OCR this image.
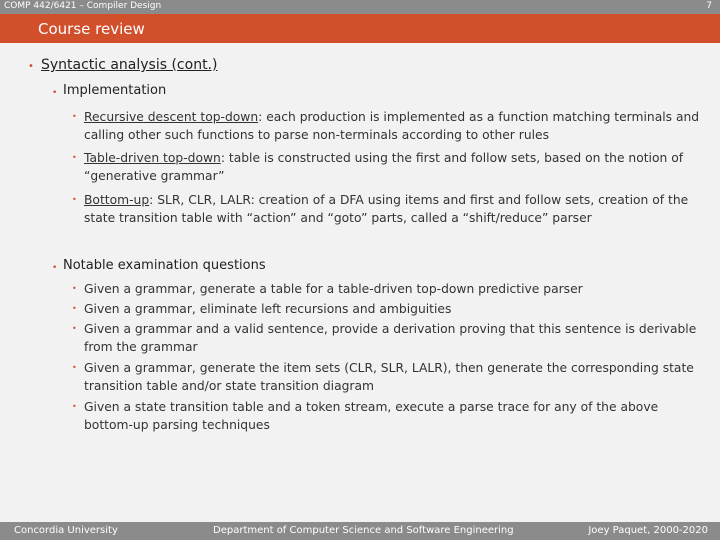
COMP 442/6421 – Compiler Design	7
Course review
• Syntactic analysis (cont.)
• Implementation
• Recursive descent top-down: each production is implemented as a function matching terminals and calling other such functions to parse non-terminals according to other rules
• Table-driven top-down: table is constructed using the first and follow sets, based on the notion of “generative grammar”
• Bottom-up: SLR, CLR, LALR: creation of a DFA using items and first and follow sets, creation of the state transition table with “action” and “goto” parts, called a “shift/reduce” parser
• Notable examination questions
• Given a grammar, generate a table for a table-driven top-down predictive parser
• Given a grammar, eliminate left recursions and ambiguities
• Given a grammar and a valid sentence, provide a derivation proving that this sentence is derivable from the grammar
• Given a grammar, generate the item sets (CLR, SLR, LALR), then generate the corresponding state transition table and/or state transition diagram
• Given a state transition table and a token stream, execute a parse trace for any of the above bottom-up parsing techniques
Concordia University	Department of Computer Science and Software Engineering	Joey Paquet, 2000-2020
